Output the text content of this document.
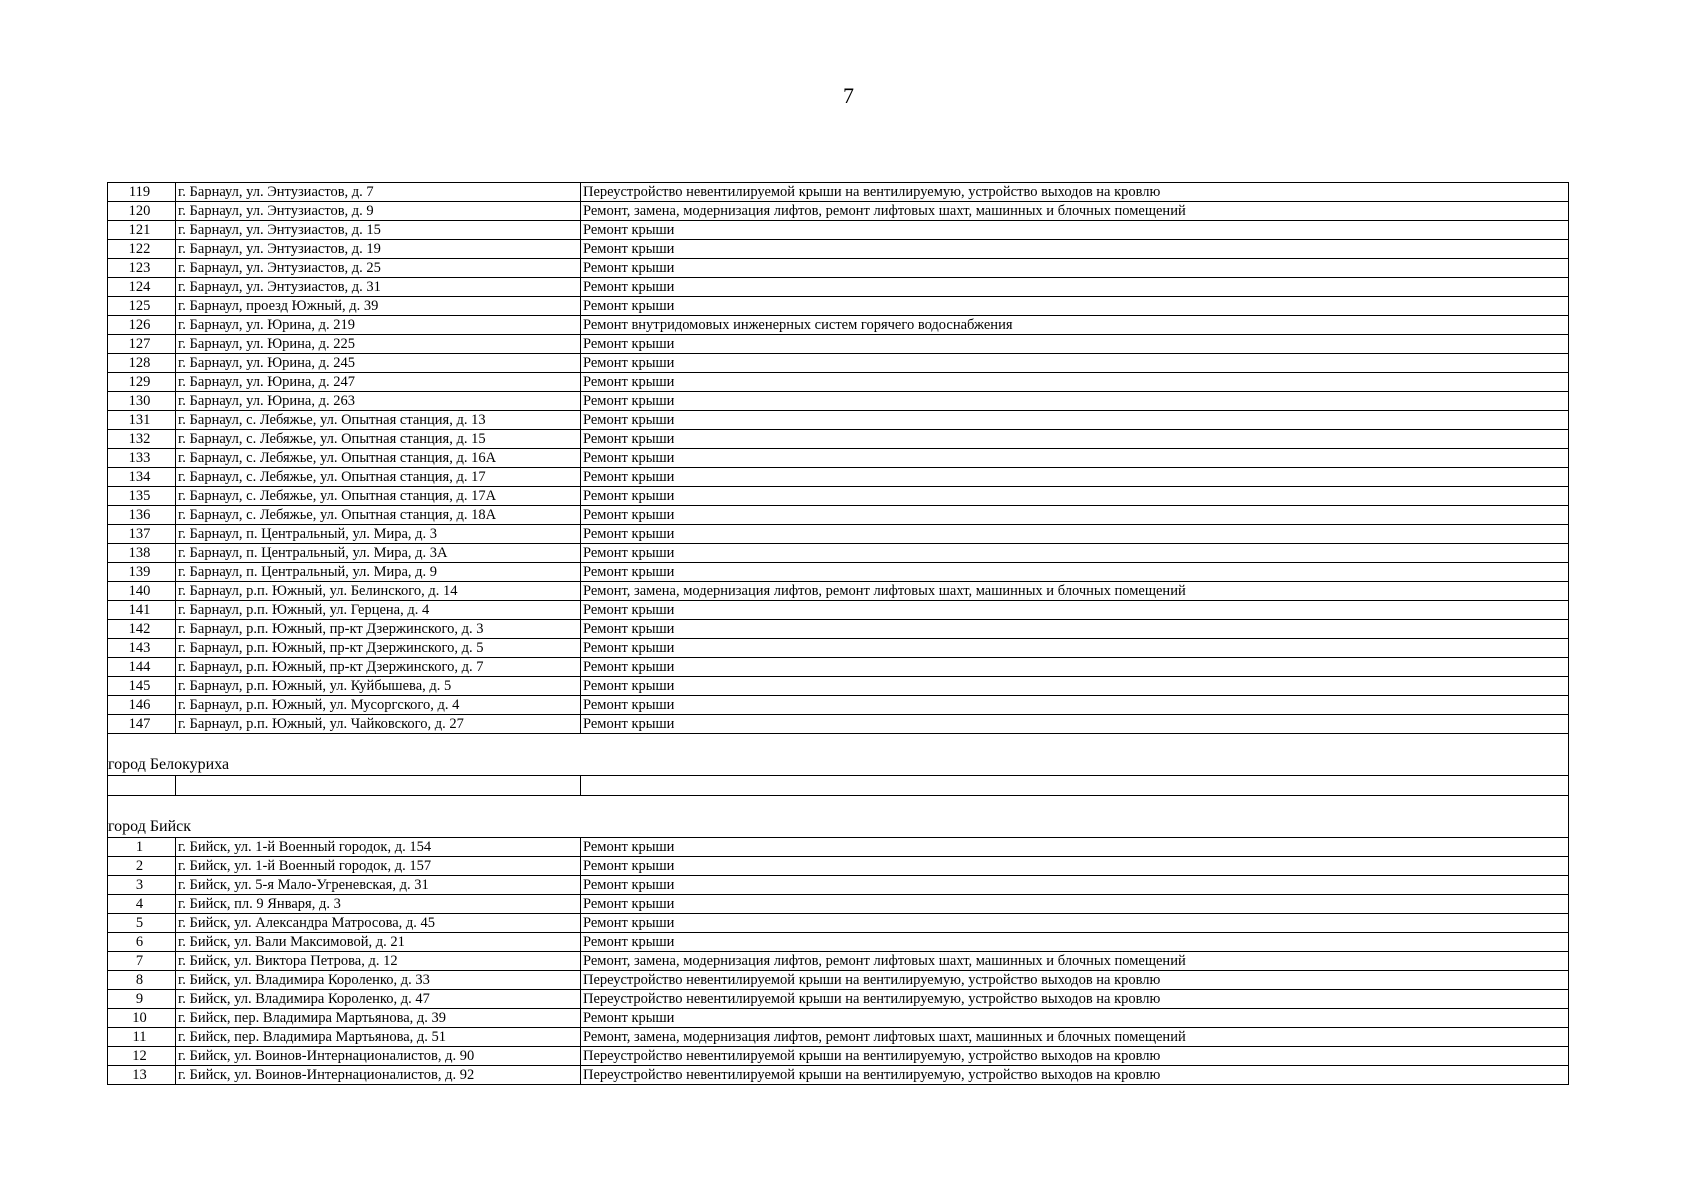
7
119	г. Барнаул, ул. Энтузиастов, д. 7	Переустройство невентилируемой крыши на вентилируемую, устройство выходов на кровлю
120	г. Барнаул, ул. Энтузиастов, д. 9	Ремонт, замена, модернизация лифтов, ремонт лифтовых шахт, машинных и блочных помещений
121	г. Барнаул, ул. Энтузиастов, д. 15	Ремонт крыши
122	г. Барнаул, ул. Энтузиастов, д. 19	Ремонт крыши
123	г. Барнаул, ул. Энтузиастов, д. 25	Ремонт крыши
124	г. Барнаул, ул. Энтузиастов, д. 31	Ремонт крыши
125	г. Барнаул, проезд Южный, д. 39	Ремонт крыши
126	г. Барнаул, ул. Юрина, д. 219	Ремонт внутридомовых инженерных систем горячего водоснабжения
127	г. Барнаул, ул. Юрина, д. 225	Ремонт крыши
128	г. Барнаул, ул. Юрина, д. 245	Ремонт крыши
129	г. Барнаул, ул. Юрина, д. 247	Ремонт крыши
130	г. Барнаул, ул. Юрина, д. 263	Ремонт крыши
131	г. Барнаул, с. Лебяжье, ул. Опытная станция, д. 13	Ремонт крыши
132	г. Барнаул, с. Лебяжье, ул. Опытная станция, д. 15	Ремонт крыши
133	г. Барнаул, с. Лебяжье, ул. Опытная станция, д. 16А	Ремонт крыши
134	г. Барнаул, с. Лебяжье, ул. Опытная станция, д. 17	Ремонт крыши
135	г. Барнаул, с. Лебяжье, ул. Опытная станция, д. 17А	Ремонт крыши
136	г. Барнаул, с. Лебяжье, ул. Опытная станция, д. 18А	Ремонт крыши
137	г. Барнаул, п. Центральный, ул. Мира, д. 3	Ремонт крыши
138	г. Барнаул, п. Центральный, ул. Мира, д. 3А	Ремонт крыши
139	г. Барнаул, п. Центральный, ул. Мира, д. 9	Ремонт крыши
140	г. Барнаул, р.п. Южный, ул. Белинского, д. 14	Ремонт, замена, модернизация лифтов, ремонт лифтовых шахт, машинных и блочных помещений
141	г. Барнаул, р.п. Южный, ул. Герцена, д. 4	Ремонт крыши
142	г. Барнаул, р.п. Южный, пр-кт Дзержинского, д. 3	Ремонт крыши
143	г. Барнаул, р.п. Южный, пр-кт Дзержинского, д. 5	Ремонт крыши
144	г. Барнаул, р.п. Южный, пр-кт Дзержинского, д. 7	Ремонт крыши
145	г. Барнаул, р.п. Южный, ул. Куйбышева, д. 5	Ремонт крыши
146	г. Барнаул, р.п. Южный, ул. Мусоргского, д. 4	Ремонт крыши
147	г. Барнаул, р.п. Южный, ул. Чайковского, д. 27	Ремонт крыши
город Белокуриха		

город Бийск		
1	г. Бийск, ул. 1-й Военный городок, д. 154	Ремонт крыши
2	г. Бийск, ул. 1-й Военный городок, д. 157	Ремонт крыши
3	г. Бийск, ул. 5-я Мало-Угреневская, д. 31	Ремонт крыши
4	г. Бийск, пл. 9 Января, д. 3	Ремонт крыши
5	г. Бийск, ул. Александра Матросова, д. 45	Ремонт крыши
6	г. Бийск, ул. Вали Максимовой, д. 21	Ремонт крыши
7	г. Бийск, ул. Виктора Петрова, д. 12	Ремонт, замена, модернизация лифтов, ремонт лифтовых шахт, машинных и блочных помещений
8	г. Бийск, ул. Владимира Короленко, д. 33	Переустройство невентилируемой крыши на вентилируемую, устройство выходов на кровлю
9	г. Бийск, ул. Владимира Короленко, д. 47	Переустройство невентилируемой крыши на вентилируемую, устройство выходов на кровлю
10	г. Бийск, пер. Владимира Мартьянова, д. 39	Ремонт крыши
11	г. Бийск, пер. Владимира Мартьянова, д. 51	Ремонт, замена, модернизация лифтов, ремонт лифтовых шахт, машинных и блочных помещений
12	г. Бийск, ул. Воинов-Интернационалистов, д. 90	Переустройство невентилируемой крыши на вентилируемую, устройство выходов на кровлю
13	г. Бийск, ул. Воинов-Интернационалистов, д. 92	Переустройство невентилируемой крыши на вентилируемую, устройство выходов на кровлю
